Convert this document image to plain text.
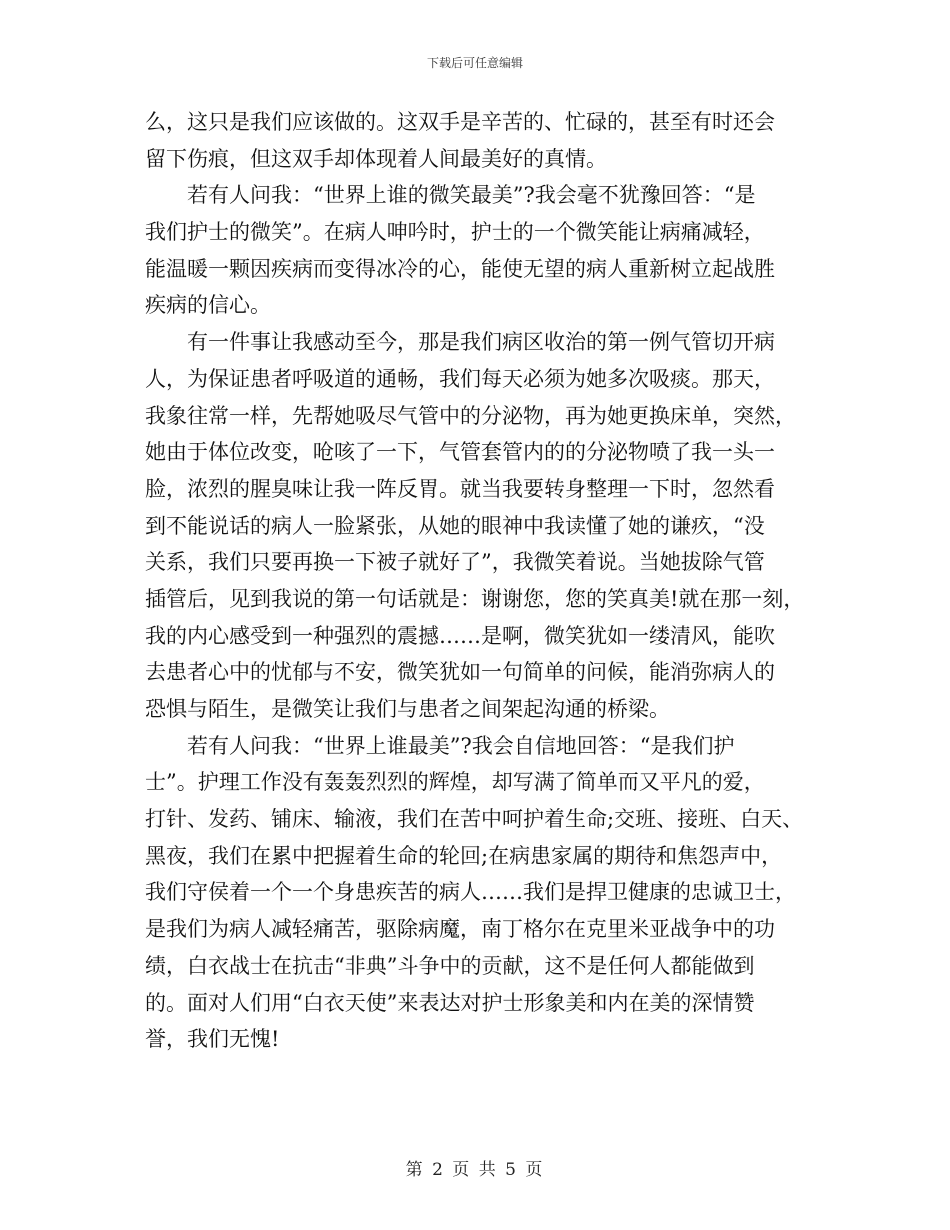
下载后可任意编辑
么，这只是我们应该做的。这双手是辛苦的、忙碌的，甚至有时还会
留下伤痕，但这双手却体现着人间最美好的真情。
　　若有人问我：“世界上谁的微笑最美”?我会毫不犹豫回答：“是
我们护士的微笑”。在病人呻吟时，护士的一个微笑能让病痛减轻，
能温暖一颗因疾病而变得冰冷的心，能使无望的病人重新树立起战胜
疾病的信心。
　　有一件事让我感动至今，那是我们病区收治的第一例气管切开病
人，为保证患者呼吸道的通畅，我们每天必须为她多次吸痰。那天，
我象往常一样，先帮她吸尽气管中的分泌物，再为她更换床单，突然，
她由于体位改变，呛咳了一下，气管套管内的的分泌物喷了我一头一
脸，浓烈的腥臭味让我一阵反胃。就当我要转身整理一下时，忽然看
到不能说话的病人一脸紧张，从她的眼神中我读懂了她的谦疚，“没
关系，我们只要再换一下被子就好了”，我微笑着说。当她拔除气管
插管后，见到我说的第一句话就是：谢谢您，您的笑真美!就在那一刻，
我的内心感受到一种强烈的震撼……是啊，微笑犹如一缕清风，能吹
去患者心中的忧郁与不安，微笑犹如一句简单的问候，能消弥病人的
恐惧与陌生，是微笑让我们与患者之间架起沟通的桥梁。
　　若有人问我：“世界上谁最美”?我会自信地回答：“是我们护
士”。护理工作没有轰轰烈烈的辉煌，却写满了简单而又平凡的爱，
打针、发药、铺床、输液，我们在苦中呵护着生命;交班、接班、白天、
黑夜，我们在累中把握着生命的轮回;在病患家属的期待和焦怨声中，
我们守侯着一个一个身患疾苦的病人……我们是捍卫健康的忠诚卫士，
是我们为病人减轻痛苦，驱除病魔，南丁格尔在克里米亚战争中的功
绩，白衣战士在抗击“非典”斗争中的贡献，这不是任何人都能做到
的。面对人们用“白衣天使”来表达对护士形象美和内在美的深情赞
誉，我们无愧!
第 2 页 共 5 页
